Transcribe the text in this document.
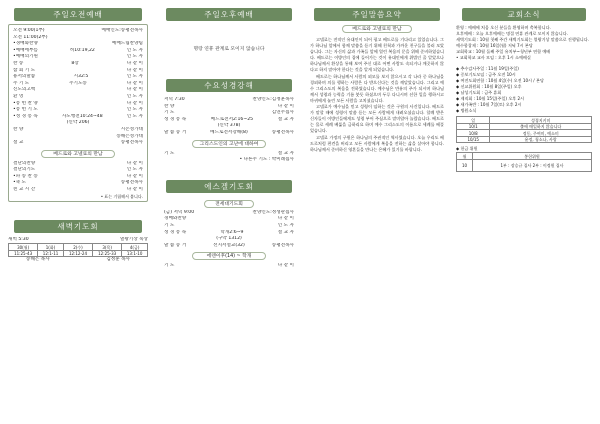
주일오전예배
오전 9:00(1부)	예배인도:송평전목사
오전 11:00(2부)
•경배와찬양	예배드림찬양팀
•예배에부름	히10:19,22	인 도 자
•예배의기원	인 도 자
찬 송	8장	다 같 이
참 회 기 도	다 같 이
용서의말씀	시32:5	인 도 자
주 기 도	주기도송	다 같 이
신도의고백	다 같 이
환 영	인 도 자
•봉 헌 찬 양	다 같 이
•봉 헌 기 도	인 도 자
•성 경 봉 독	사도행전10:24~48	인 도 자
(신약 206)
찬 양	시온성가대
송해은성가대
설 교	송평전목사
베드로와 고넬료의 만남
결단의찬양	다 같 이
결단의기도	인 도 자
•파 송 찬 송	다 같 이
•축 도	송평전목사
친 교 시 간	다 같 이
• 표는 기립해서 봅니다.
새벽기도회
새벽 5:30	열왕기상 묵상
30(월)	1(화)	2(수)	3(목)	4(금)
11:25-43	12:1-11	12:12-24	12:25-33	13:1-10
송해은 목사	김정훈 목사
주일오후예배
명랑 연휴 관계로 모이지 않습니다
수요성경강해
저녁 7:30	찬양인도:김정훈목사
찬 양	다 같 이
기 도	김연주집사
성 경 봉 독	베드로전서2:16~25	설 교 자
(신약 378)
말 씀 증 거	베드로전서강해(8)	송평전목사
그리스도인의 고난에 대하여
기 도	설 교 자
• 다른주 기도 : 박미례집사
에스겔기도회
전세대기도회
(금) 저녁 9:00	찬양인도:정성관집사
경배와찬양	다 같 이
기 도	인 도 자
성 경 봉 독	학개2:6~9	설 교 자
(구약 1312)
말 씀 증 거	선지서설교(32)	송평전목사
에덴이후(14) ~ 학개
기 도	다 같 이
주일말씀요약
베드로와 고넬료의 만남

고넬료는 전적인 유대인이 되어 평고 베드로를 기다리고 있었습니다. 그가 하나님 앞에서 함께 말씀을 듣기 위해 친척과 가까운 친구들을 불러 모았습니다. 그는 자신의 삶과 가족들 앞에 열린 복음의 문을 위해 준비하였습니다. 베드로는 이방인의 집에 들어가는 것이 유대인에게 위법인 줄 알았으나 하나님께서 환상을 통해 보여 주신 대로 어떤 사람도 속되거나 깨끗하지 않다고 하지 말아야 한다는 것을 알게 되었습니다.

베드로는 하나님께서 사람의 외모를 보지 않으시고 각 나라 중 하나님을 경외하며 의를 행하는 사람은 다 받으신다는 것을 깨달았습니다. 그리고 예수 그리스도의 복음을 전하였습니다. 예수님은 만유의 주가 되시며 하나님께서 성령과 능력을 기름 붓듯 하셨으며 두루 다니시며 선한 일을 행하시고 마귀에게 눌린 모든 사람을 고치셨습니다.

고넬료가 예수님을 믿고 성령이 임하는 것은 구원의 사건입니다. 베드로가 말할 때에 성령이 말씀 듣는 모든 사람에게 내려오셨습니다. 할례 받은 신자들이 이방인들에게도 성령 부어 주심으로 말미암아 놀랐습니다. 베드로는 물로 세례 베풂을 금하리요 하며 예수 그리스도의 이름으로 세례를 베풀었습니다.

고넬료 가정의 구원은 하나님의 주권적인 역사였습니다. 오늘 우리도 베드로처럼 편견을 버리고 모든 사람에게 복음을 전하는 삶을 살아야 합니다. 하나님께서 준비하신 영혼들을 만나는 은혜가 있기를 바랍니다.

교회소식
환영 : 예배에 처음 오신 분들을 환영하며 축복합니다.
오후예배 : 오늘 오후예배는 명절 연휴 관계로 모이지 않습니다.
새벽기도회 : 10월 첫째 주간 새벽기도회는 열왕기상 말씀으로 진행됩니다.
예수합창제 : 10월 16일(월) 저녁 7시 본당
교회학교 : 10월 둘째 주일 유치부~청년부 연합 예배
• 교회학교 교사 모임 : 오후 1시 소예배실
◆ 추수감사주일 : 11월 19일(주일)
◆ 중보기도모임 : 금주 오전 10시
◆ 여전도회연합 : 10월 4일(수) 오전 10시 / 본당
◆ 선교위원회 : 10월 8일(주일) 오후
◆ 남성기도회 : 금주 휴회
◆ 제직회 : 10월 15일(주일) 오후 2시
◆ 새가족반 : 10월 7일(토) 오후 2시
◆ 병원소식
일	성경지키미
10/1	출애 매일하지 않습니다
10/8	정동, 주여미, 예소미
10/15	윤정, 청소나, 사랑
◆ 헌금 위원
월	봉헌위원
10	1부 : 장승규 집사 2부 : 이정원 집사
